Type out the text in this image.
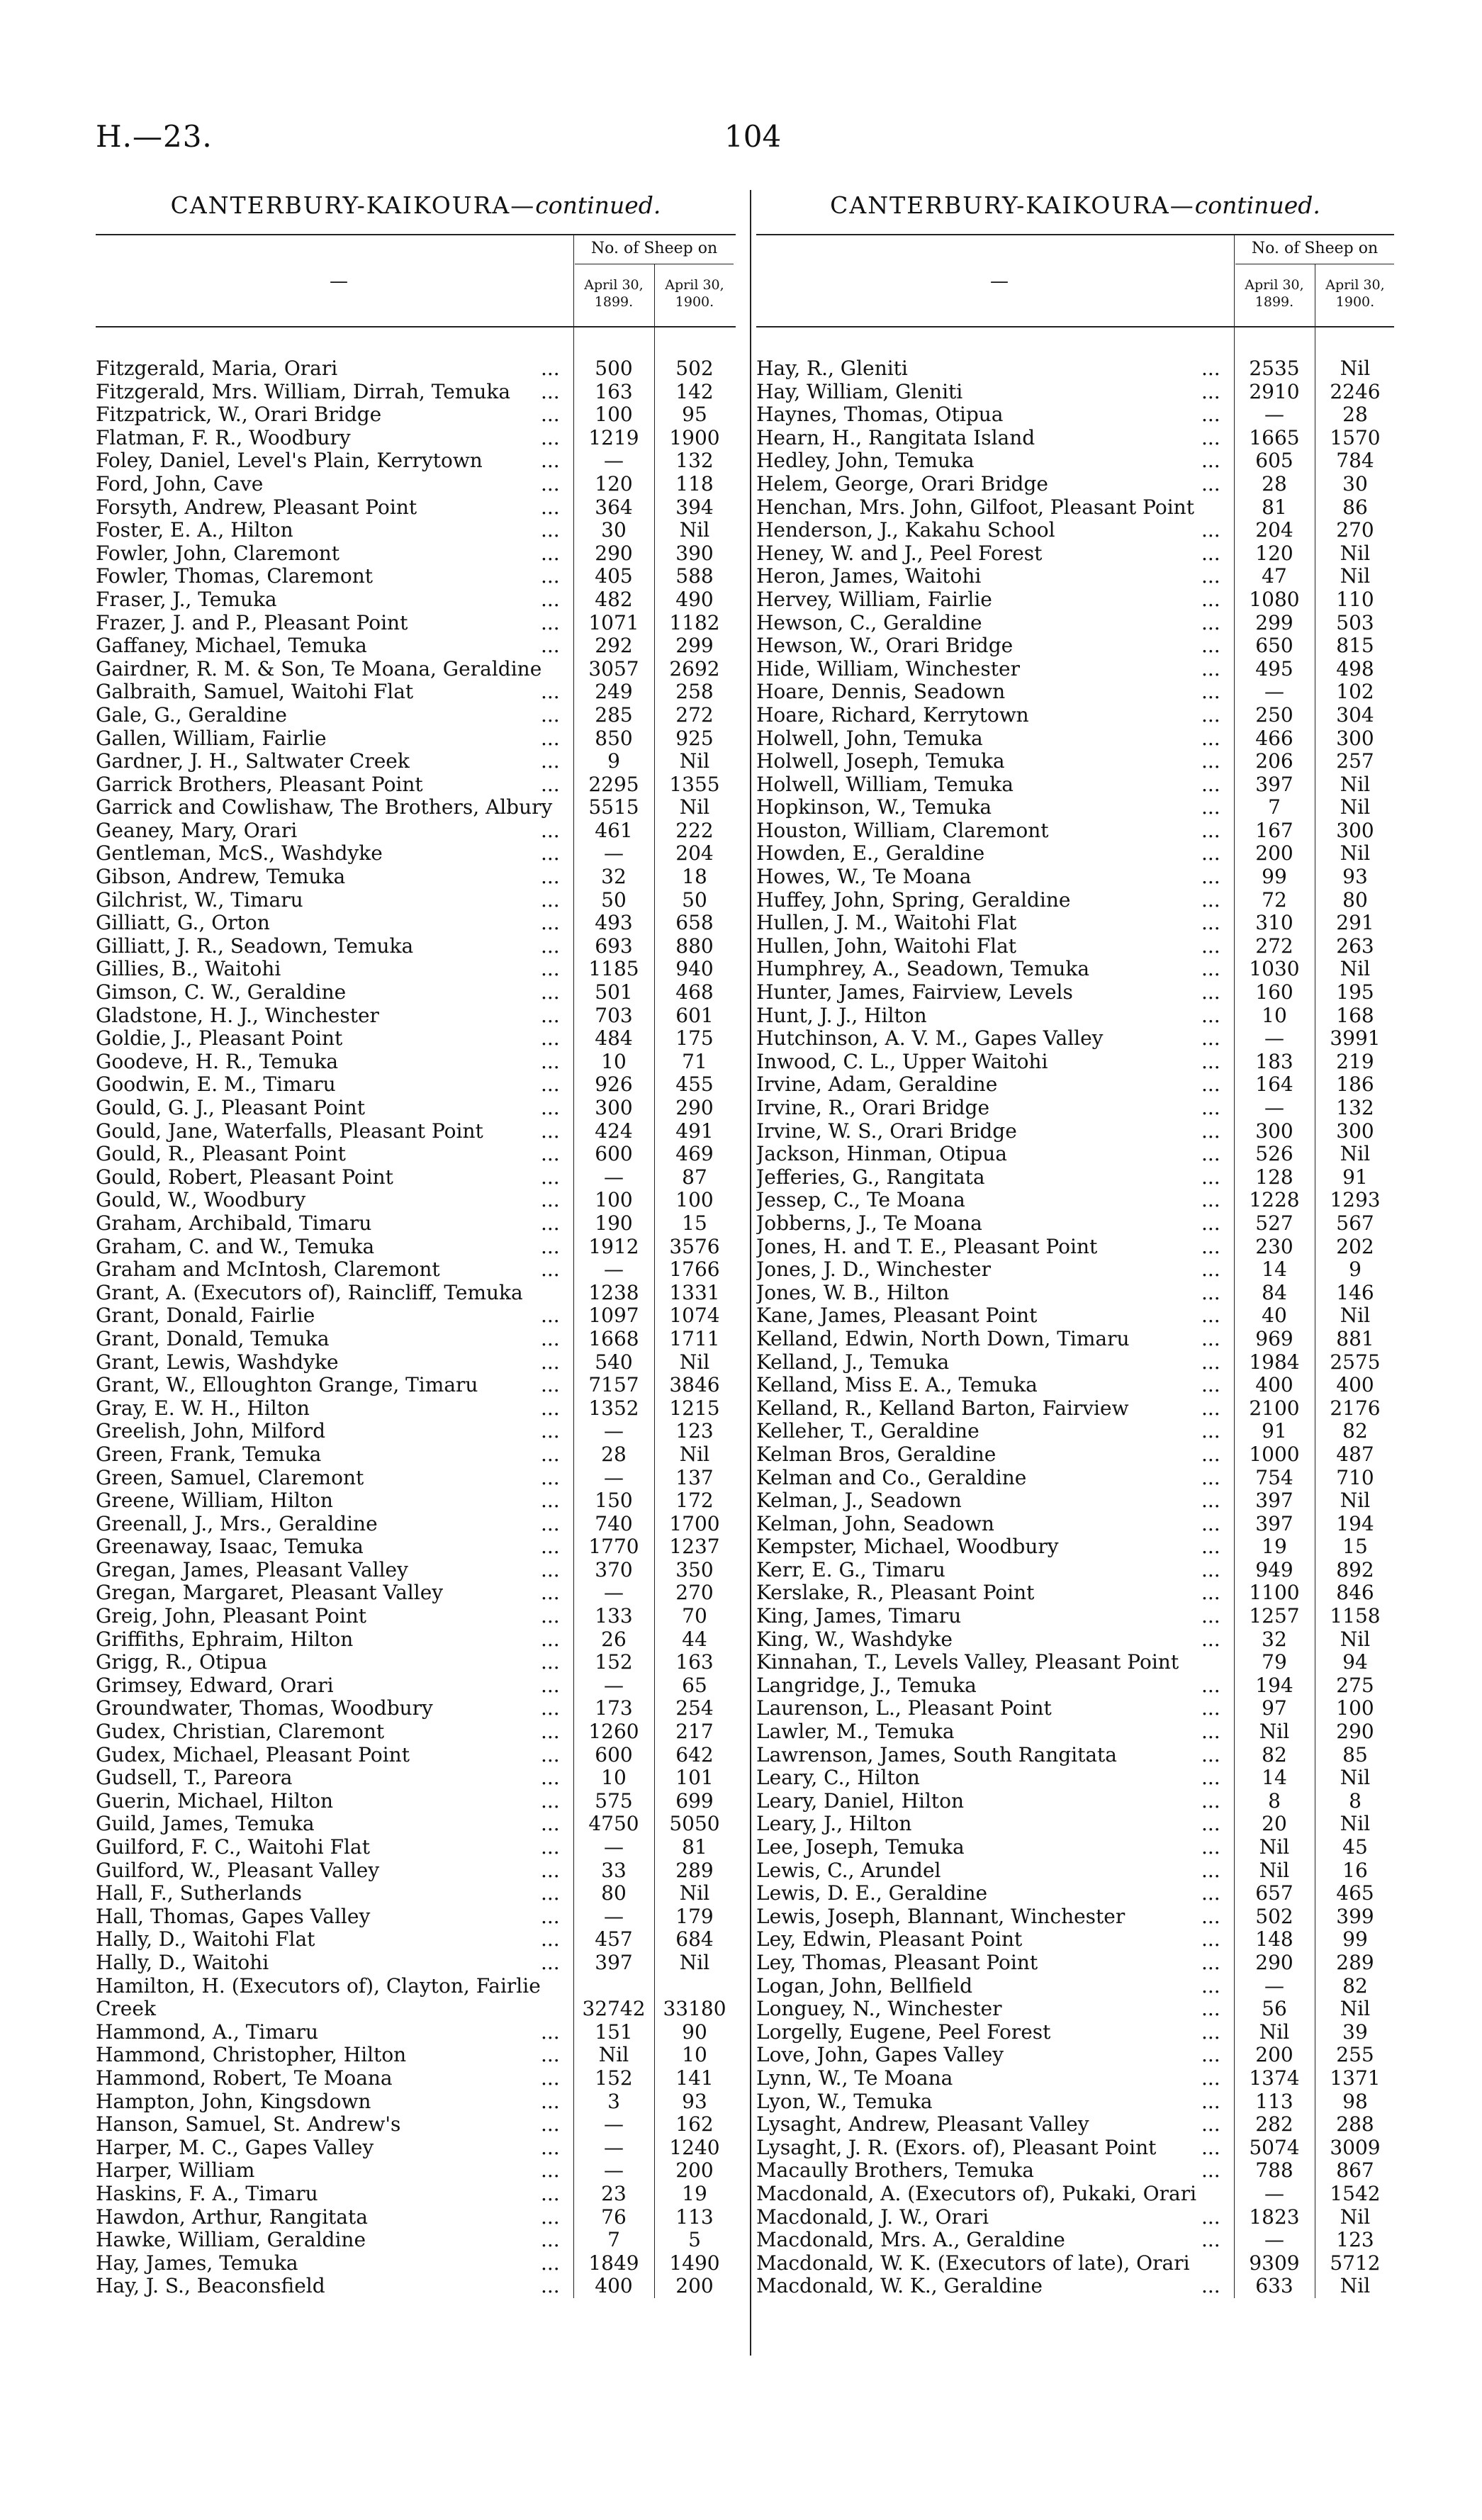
H.—23.	104
CANTERBURY-KAIKOURA—continued.
—
No. of Sheep on
April 30, 1899.
April 30, 1900.
Fitzgerald, Maria, Orari	...	500	502
Fitzgerald, Mrs. William, Dirrah, Temuka	...	163	142
Fitzpatrick, W., Orari Bridge	...	100	95
Flatman, F. R., Woodbury	...	1219	1900
Foley, Daniel, Level's Plain, Kerrytown	...	—	132
Ford, John, Cave	...	120	118
Forsyth, Andrew, Pleasant Point	...	364	394
Foster, E. A., Hilton	...	30	Nil
Fowler, John, Claremont	...	290	390
Fowler, Thomas, Claremont	...	405	588
Fraser, J., Temuka	...	482	490
Frazer, J. and P., Pleasant Point	...	1071	1182
Gaffaney, Michael, Temuka	...	292	299
Gairdner, R. M. & Son, Te Moana, Geraldine	3057	2692
Galbraith, Samuel, Waitohi Flat	...	249	258
Gale, G., Geraldine	...	285	272
Gallen, William, Fairlie	...	850	925
Gardner, J. H., Saltwater Creek	...	9	Nil
Garrick Brothers, Pleasant Point	...	2295	1355
Garrick and Cowlishaw, The Brothers, Albury	5515	Nil
Geaney, Mary, Orari	...	461	222
Gentleman, McS., Washdyke	...	—	204
Gibson, Andrew, Temuka	...	32	18
Gilchrist, W., Timaru	...	50	50
Gilliatt, G., Orton	...	493	658
Gilliatt, J. R., Seadown, Temuka	...	693	880
Gillies, B., Waitohi	...	1185	940
Gimson, C. W., Geraldine	...	501	468
Gladstone, H. J., Winchester	...	703	601
Goldie, J., Pleasant Point	...	484	175
Goodeve, H. R., Temuka	...	10	71
Goodwin, E. M., Timaru	...	926	455
Gould, G. J., Pleasant Point	...	300	290
Gould, Jane, Waterfalls, Pleasant Point	...	424	491
Gould, R., Pleasant Point	...	600	469
Gould, Robert, Pleasant Point	...	—	87
Gould, W., Woodbury	...	100	100
Graham, Archibald, Timaru	...	190	15
Graham, C. and W., Temuka	...	1912	3576
Graham and McIntosh, Claremont	...	—	1766
Grant, A. (Executors of), Raincliff, Temuka	1238	1331
Grant, Donald, Fairlie	...	1097	1074
Grant, Donald, Temuka	...	1668	1711
Grant, Lewis, Washdyke	...	540	Nil
Grant, W., Elloughton Grange, Timaru	...	7157	3846
Gray, E. W. H., Hilton	...	1352	1215
Greelish, John, Milford	...	—	123
Green, Frank, Temuka	...	28	Nil
Green, Samuel, Claremont	...	—	137
Greene, William, Hilton	...	150	172
Greenall, J., Mrs., Geraldine	...	740	1700
Greenaway, Isaac, Temuka	...	1770	1237
Gregan, James, Pleasant Valley	...	370	350
Gregan, Margaret, Pleasant Valley	...	—	270
Greig, John, Pleasant Point	...	133	70
Griffiths, Ephraim, Hilton	...	26	44
Grigg, R., Otipua	...	152	163
Grimsey, Edward, Orari	...	—	65
Groundwater, Thomas, Woodbury	...	173	254
Gudex, Christian, Claremont	...	1260	217
Gudex, Michael, Pleasant Point	...	600	642
Gudsell, T., Pareora	...	10	101
Guerin, Michael, Hilton	...	575	699
Guild, James, Temuka	...	4750	5050
Guilford, F. C., Waitohi Flat	...	—	81
Guilford, W., Pleasant Valley	...	33	289
Hall, F., Sutherlands	...	80	Nil
Hall, Thomas, Gapes Valley	...	—	179
Hally, D., Waitohi Flat	...	457	684
Hally, D., Waitohi	...	397	Nil
Hamilton, H. (Executors of), Clayton, Fairlie Creek	32742 33180
Hammond, A., Timaru	...	151	90
Hammond, Christopher, Hilton	...	Nil	10
Hammond, Robert, Te Moana	...	152	141
Hampton, John, Kingsdown	...	3	93
Hanson, Samuel, St. Andrew's	...	—	162
Harper, M. C., Gapes Valley	...	—	1240
Harper, William	...	—	200
Haskins, F. A., Timaru	...	23	19
Hawdon, Arthur, Rangitata	...	76	113
Hawke, William, Geraldine	...	7	5
Hay, James, Temuka	...	1849	1490
Hay, J. S., Beaconsfield	...	400	200
CANTERBURY-KAIKOURA—continued.
—
No. of Sheep on
April 30, 1899.
April 30, 1900.
Hay, R., Gleniti	...	2535	Nil
Hay, William, Gleniti	...	2910	2246
Haynes, Thomas, Otipua	...	—	28
Hearn, H., Rangitata Island	...	1665	1570
Hedley, John, Temuka	...	605	784
Helem, George, Orari Bridge	...	28	30
Henchan, Mrs. John, Gilfoot, Pleasant Point	81	86
Henderson, J., Kakahu School	...	204	270
Heney, W. and J., Peel Forest	...	120	Nil
Heron, James, Waitohi	...	47	Nil
Hervey, William, Fairlie	...	1080	110
Hewson, C., Geraldine	...	299	503
Hewson, W., Orari Bridge	...	650	815
Hide, William, Winchester	...	495	498
Hoare, Dennis, Seadown	...	—	102
Hoare, Richard, Kerrytown	...	250	304
Holwell, John, Temuka	...	466	300
Holwell, Joseph, Temuka	...	206	257
Holwell, William, Temuka	...	397	Nil
Hopkinson, W., Temuka	...	7	Nil
Houston, William, Claremont	...	167	300
Howden, E., Geraldine	...	200	Nil
Howes, W., Te Moana	...	99	93
Huffey, John, Spring, Geraldine	...	72	80
Hullen, J. M., Waitohi Flat	...	310	291
Hullen, John, Waitohi Flat	...	272	263
Humphrey, A., Seadown, Temuka	...	1030	Nil
Hunter, James, Fairview, Levels	...	160	195
Hunt, J. J., Hilton	...	10	168
Hutchinson, A. V. M., Gapes Valley	...	—	3991
Inwood, C. L., Upper Waitohi	...	183	219
Irvine, Adam, Geraldine	...	164	186
Irvine, R., Orari Bridge	...	—	132
Irvine, W. S., Orari Bridge	...	300	300
Jackson, Hinman, Otipua	...	526	Nil
Jefferies, G., Rangitata	...	128	91
Jessep, C., Te Moana	...	1228	1293
Jobberns, J., Te Moana	...	527	567
Jones, H. and T. E., Pleasant Point	...	230	202
Jones, J. D., Winchester	...	14	9
Jones, W. B., Hilton	...	84	146
Kane, James, Pleasant Point	...	40	Nil
Kelland, Edwin, North Down, Timaru	...	969	881
Kelland, J., Temuka	...	1984	2575
Kelland, Miss E. A., Temuka	...	400	400
Kelland, R., Kelland Barton, Fairview	...	2100	2176
Kelleher, T., Geraldine	...	91	82
Kelman Bros, Geraldine	...	1000	487
Kelman and Co., Geraldine	...	754	710
Kelman, J., Seadown	...	397	Nil
Kelman, John, Seadown	...	397	194
Kempster, Michael, Woodbury	...	19	15
Kerr, E. G., Timaru	...	949	892
Kerslake, R., Pleasant Point	...	1100	846
King, James, Timaru	...	1257	1158
King, W., Washdyke	...	32	Nil
Kinnahan, T., Levels Valley, Pleasant Point	79	94
Langridge, J., Temuka	...	194	275
Laurenson, L., Pleasant Point	...	97	100
Lawler, M., Temuka	...	Nil	290
Lawrenson, James, South Rangitata	...	82	85
Leary, C., Hilton	...	14	Nil
Leary, Daniel, Hilton	...	8	8
Leary, J., Hilton	...	20	Nil
Lee, Joseph, Temuka	...	Nil	45
Lewis, C., Arundel	...	Nil	16
Lewis, D. E., Geraldine	...	657	465
Lewis, Joseph, Blannant, Winchester	...	502	399
Ley, Edwin, Pleasant Point	...	148	99
Ley, Thomas, Pleasant Point	...	290	289
Logan, John, Bellfield	...	—	82
Longuey, N., Winchester	...	56	Nil
Lorgelly, Eugene, Peel Forest	...	Nil	39
Love, John, Gapes Valley	...	200	255
Lynn, W., Te Moana	...	1374	1371
Lyon, W., Temuka	...	113	98
Lysaght, Andrew, Pleasant Valley	...	282	288
Lysaght, J. R. (Exors. of), Pleasant Point	...	5074	3009
Macaully Brothers, Temuka	...	788	867
Macdonald, A. (Executors of), Pukaki, Orari	—	1542
Macdonald, J. W., Orari	...	1823	Nil
Macdonald, Mrs. A., Geraldine	...	—	123
Macdonald, W. K. (Executors of late), Orari	9309	5712
Macdonald, W. K., Geraldine	...	633	Nil
